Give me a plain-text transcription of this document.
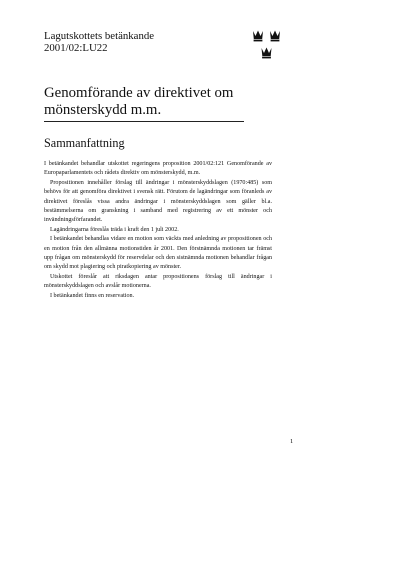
Lagutskottets betänkande
2001/02:LU22
Genomförande av direktivet om
mönsterskydd m.m.
Sammanfattning

I betänkandet behandlar utskottet regeringens proposition 2001/02:121 Genomförande av Europaparlamentets och rådets direktiv om mönsterskydd, m.m.

Propositionen innehåller förslag till ändringar i mönsterskyddslagen (1970:485) som behövs för att genomföra direktivet i svensk rätt. Förutom de lagändringar som föranleds av direktivet föreslås vissa andra ändringar i mönsterskyddslagen som gäller bl.a. bestämmelserna om granskning i samband med registrering av ett mönster och invändningsförfarandet.

Lagändringarna föreslås träda i kraft den 1 juli 2002.

I betänkandet behandlas vidare en motion som väckts med anledning av propositionen och en motion från den allmänna motionstiden år 2001. Den förstnämnda motionen tar främst upp frågan om mönsterskydd för reservdelar och den sistnämnda motionen behandlar frågan om skydd mot plagiering och piratkopiering av mönster.

Utskottet föreslår att riksdagen antar propositionens förslag till ändringar i mönsterskyddslagen och avslår motionerna.

I betänkandet finns en reservation.

1
